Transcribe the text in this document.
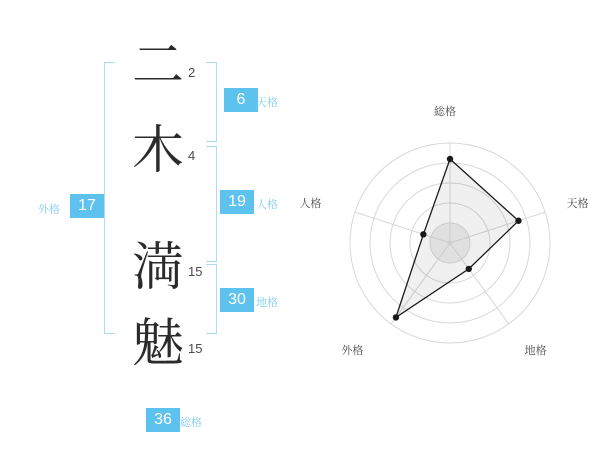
二 2
木 4
満 15
魅 15
6 天格
19 人格
30 地格
外格	17
36 総格
総格
天格
地格
外格
人格
